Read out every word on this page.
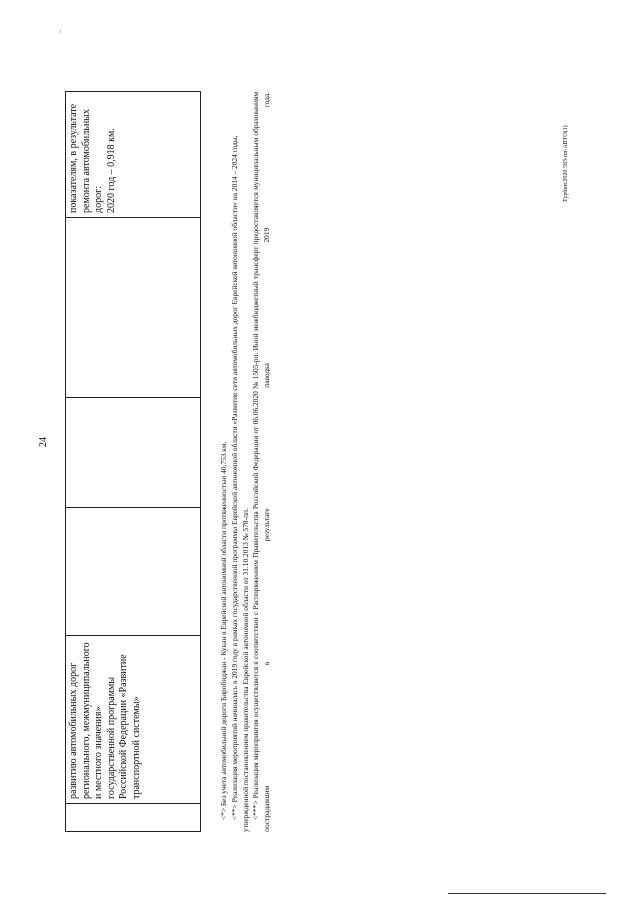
24
	развитию автомобильных дорог регионального, межмуниципального и местного значения» государственной программы Российской Федерации «Развитие транспортной системы»				показателям, в результате ремонта автомобильных дорог:
2020 год – 0,918 км.

<*> Без учета автомобильной дороги Биробиджан - Кукан в Еврейской автономной области протяженностью 40,753 км. <**> Реализация мероприятий начиналась в 2019 году в рамках государственной программы Еврейской автономной области «Развитие сети автомобильных дорог Еврейской автономной области» на 2014 – 2024 годы, утвержденной постановлением правительства Еврейской автономной области от 31.10.2013 № 578-пп. <***> Реализация мероприятия осуществляется в соответствии с Распоряжением Правительства Российской Федерации от 06.06.2020 № 1505-рп. Иной межбюджетный трансферт предоставляется муниципальным образованиям пострадавшим в результате паводка 2019 года.	Турбин/2020 583-пп-АВТО(1)
